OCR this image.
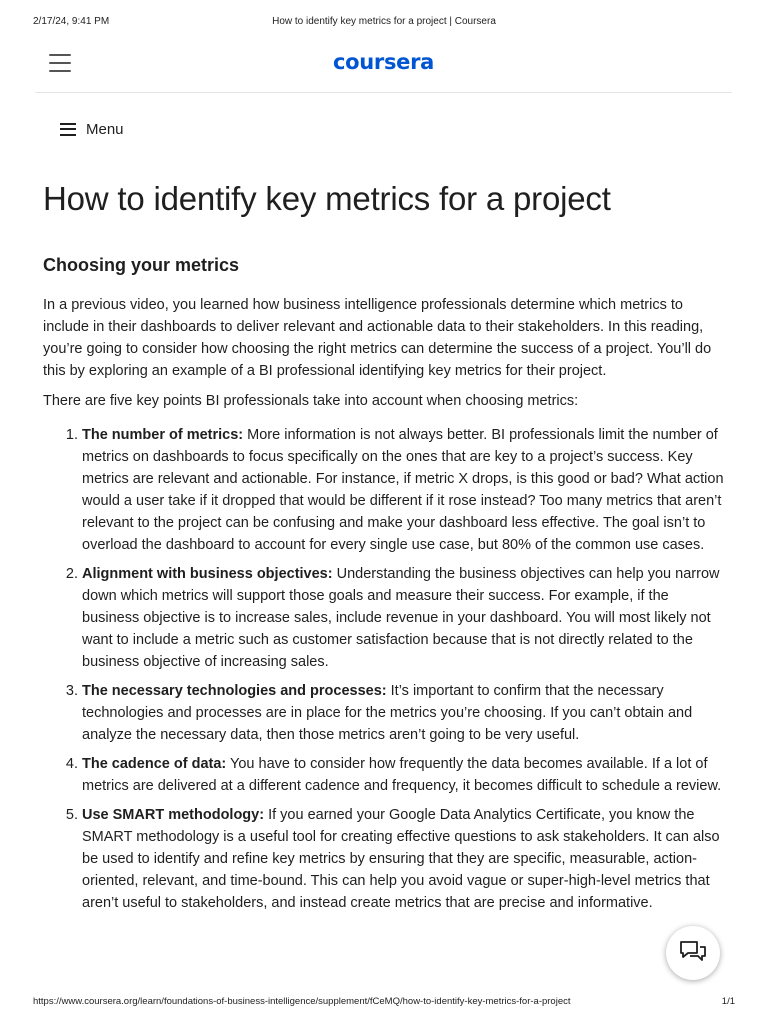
2/17/24, 9:41 PM	How to identify key metrics for a project | Coursera
coursera
Menu
How to identify key metrics for a project
Choosing your metrics

In a previous video, you learned how business intelligence professionals determine which metrics to include in their dashboards to deliver relevant and actionable data to their stakeholders. In this reading, you’re going to consider how choosing the right metrics can determine the success of a project. You’ll do this by exploring an example of a BI professional identifying key metrics for their project.

There are five key points BI professionals take into account when choosing metrics:

1. The number of metrics: More information is not always better. BI professionals limit the number of metrics on dashboards to focus specifically on the ones that are key to a project’s success. Key metrics are relevant and actionable. For instance, if metric X drops, is this good or bad? What action would a user take if it dropped that would be different if it rose instead? Too many metrics that aren’t relevant to the project can be confusing and make your dashboard less effective. The goal isn’t to overload the dashboard to account for every single use case, but 80% of the common use cases.
2. Alignment with business objectives: Understanding the business objectives can help you narrow down which metrics will support those goals and measure their success. For example, if the business objective is to increase sales, include revenue in your dashboard. You will most likely not want to include a metric such as customer satisfaction because that is not directly related to the business objective of increasing sales.
3. The necessary technologies and processes: It’s important to confirm that the necessary technologies and processes are in place for the metrics you’re choosing. If you can’t obtain and analyze the necessary data, then those metrics aren’t going to be very useful.
4. The cadence of data: You have to consider how frequently the data becomes available. If a lot of metrics are delivered at a different cadence and frequency, it becomes difficult to schedule a review.
5. Use SMART methodology: If you earned your Google Data Analytics Certificate, you know the SMART methodology is a useful tool for creating effective questions to ask stakeholders. It can also be used to identify and refine key metrics by ensuring that they are specific, measurable, action-oriented, relevant, and time-bound. This can help you avoid vague or super-high-level metrics that aren’t useful to stakeholders, and instead create metrics that are precise and informative.
https://www.coursera.org/learn/foundations-of-business-intelligence/supplement/fCeMQ/how-to-identify-key-metrics-for-a-project	1/1
